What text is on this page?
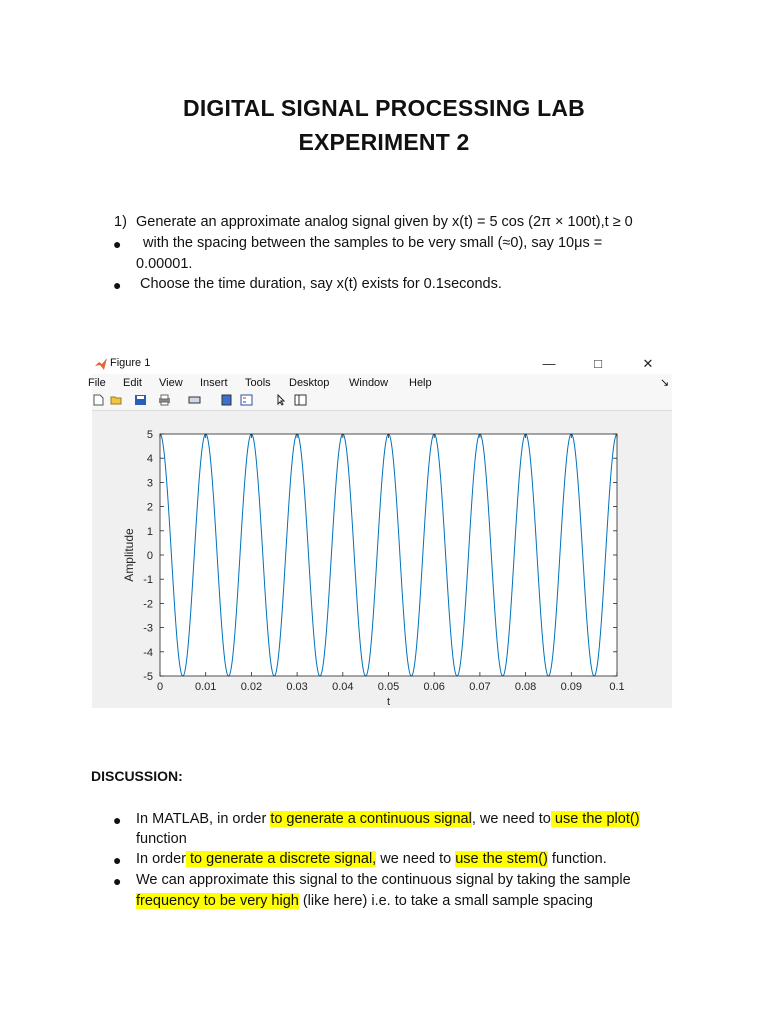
DIGITAL SIGNAL PROCESSING LAB
EXPERIMENT 2
1) Generate an approximate analog signal given by x(t) = 5 cos (2π × 100t),t ≥ 0
● with the spacing between the samples to be very small (≈0), say 10μs =
0.00001.
● Choose the time duration, say x(t) exists for 0.1seconds.
Figure 1	—	□	✕
File Edit View Insert Tools Desktop Window Help	↘
5
4
3
2
1
0
-1
-2
-3
-4
-5
0	0.01 0.02 0.03 0.04 0.05 0.06 0.07 0.08 0.09 0.1
t
Amplitude
DISCUSSION:
● In MATLAB, in order to generate a continuous signal, we need to use the plot()
function
● In order to generate a discrete signal, we need to use the stem() function.
● We can approximate this signal to the continuous signal by taking the sample
frequency to be very high (like here) i.e. to take a small sample spacing
